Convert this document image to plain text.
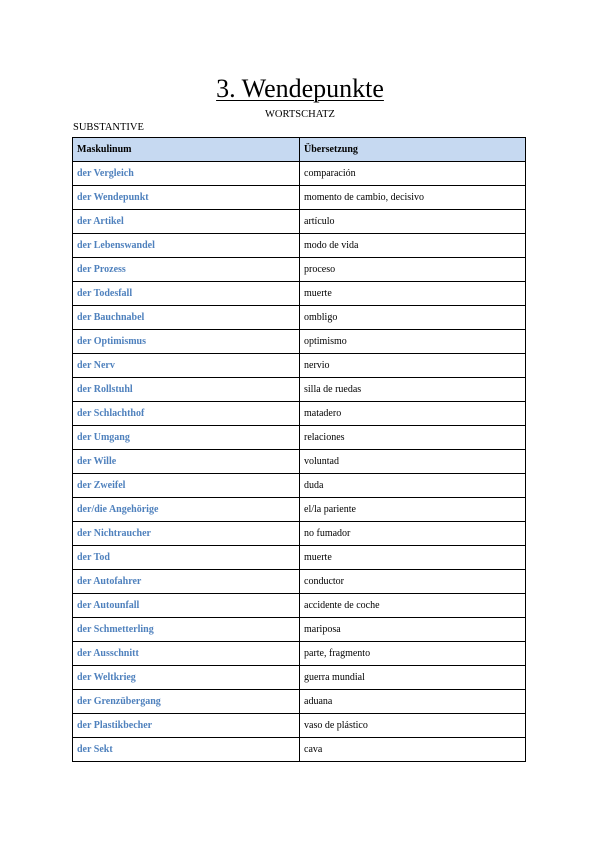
3. Wendepunkte
WORTSCHATZ
SUBSTANTIVE
Maskulinum	Übersetzung
der Vergleich	comparación
der Wendepunkt	momento de cambio, decisivo
der Artikel	artículo
der Lebenswandel	modo de vida
der Prozess	proceso
der Todesfall	muerte
der Bauchnabel	ombligo
der Optimismus	optimismo
der Nerv	nervio
der Rollstuhl	silla de ruedas
der Schlachthof	matadero
der Umgang	relaciones
der Wille	voluntad
der Zweifel	duda
der/die Angehörige	el/la pariente
der Nichtraucher	no fumador
der Tod	muerte
der Autofahrer	conductor
der Autounfall	accidente de coche
der Schmetterling	mariposa
der Ausschnitt	parte, fragmento
der Weltkrieg	guerra mundial
der Grenzübergang	aduana
der Plastikbecher	vaso de plástico
der Sekt	cava
